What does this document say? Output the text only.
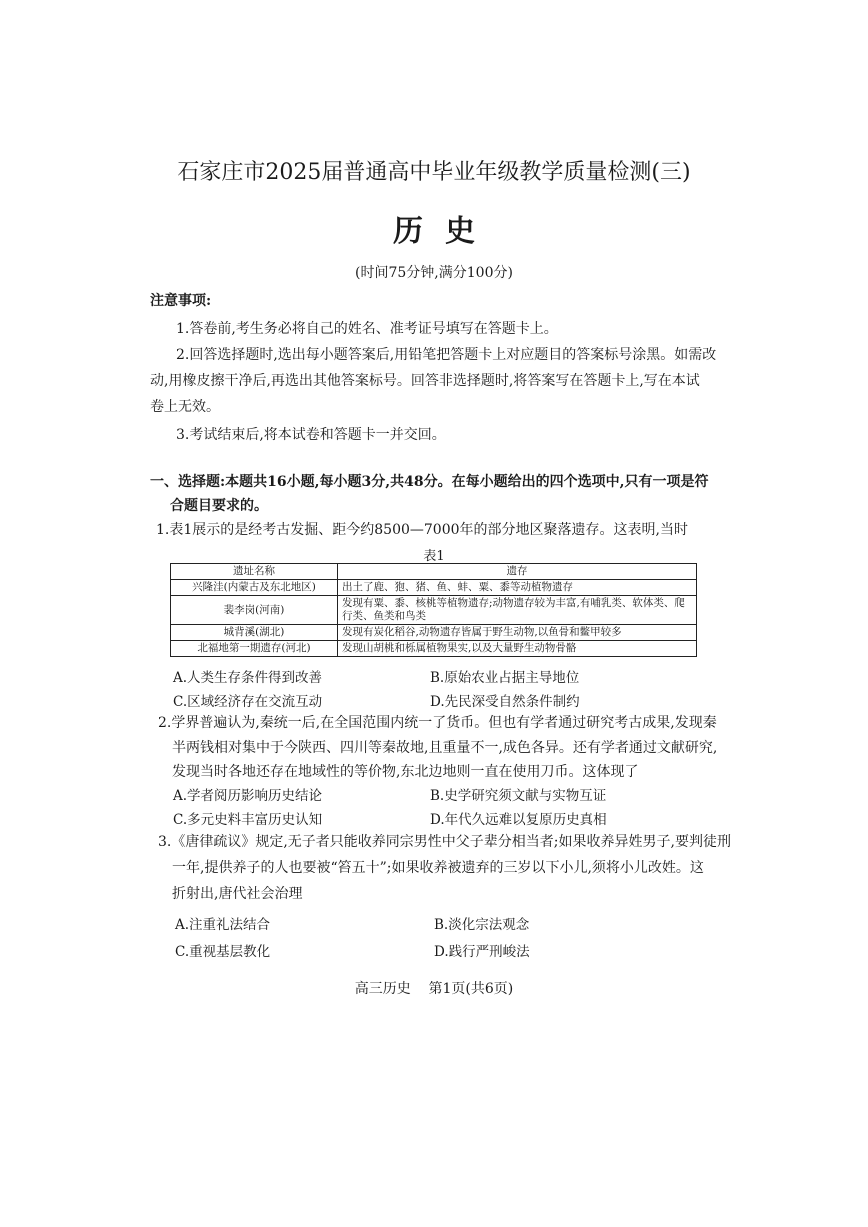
石家庄市2025届普通高中毕业年级教学质量检测(三)
历史
(时间75分钟,满分100分)
注意事项:
1.答卷前,考生务必将自己的姓名、准考证号填写在答题卡上。
2.回答选择题时,选出每小题答案后,用铅笔把答题卡上对应题目的答案标号涂黑。如需改
动,用橡皮擦干净后,再选出其他答案标号。回答非选择题时,将答案写在答题卡上,写在本试
卷上无效。
3.考试结束后,将本试卷和答题卡一并交回。
一、选择题:本题共16小题,每小题3分,共48分。在每小题给出的四个选项中,只有一项是符
合题目要求的。
1.表1展示的是经考古发掘、距今约8500—7000年的部分地区聚落遗存。这表明,当时
表1
遗址名称	遗存
兴隆洼(内蒙古及东北地区)	出土了鹿、狍、猪、鱼、蚌、粟、黍等动植物遗存
裴李岗(河南)	发现有粟、黍、核桃等植物遗存;动物遗存较为丰富,有哺乳类、软体类、爬行类、鱼类和鸟类
城背溪(湖北)	发现有炭化稻谷,动物遗存皆属于野生动物,以鱼骨和鳖甲较多
北福地第一期遗存(河北)	发现山胡桃和栎属植物果实,以及大量野生动物骨骼
A.人类生存条件得到改善	B.原始农业占据主导地位
C.区域经济存在交流互动	D.先民深受自然条件制约
2.学界普遍认为,秦统一后,在全国范围内统一了货币。但也有学者通过研究考古成果,发现秦
半两钱相对集中于今陕西、四川等秦故地,且重量不一,成色各异。还有学者通过文献研究,
发现当时各地还存在地域性的等价物,东北边地则一直在使用刀币。这体现了
A.学者阅历影响历史结论	B.史学研究须文献与实物互证
C.多元史料丰富历史认知	D.年代久远难以复原历史真相
3.《唐律疏议》规定,无子者只能收养同宗男性中父子辈分相当者;如果收养异姓男子,要判徒刑
一年,提供养子的人也要被“笞五十”;如果收养被遗弃的三岁以下小儿,须将小儿改姓。这
折射出,唐代社会治理
A.注重礼法结合	B.淡化宗法观念
C.重视基层教化	D.践行严刑峻法
高三历史    第1页(共6页)
